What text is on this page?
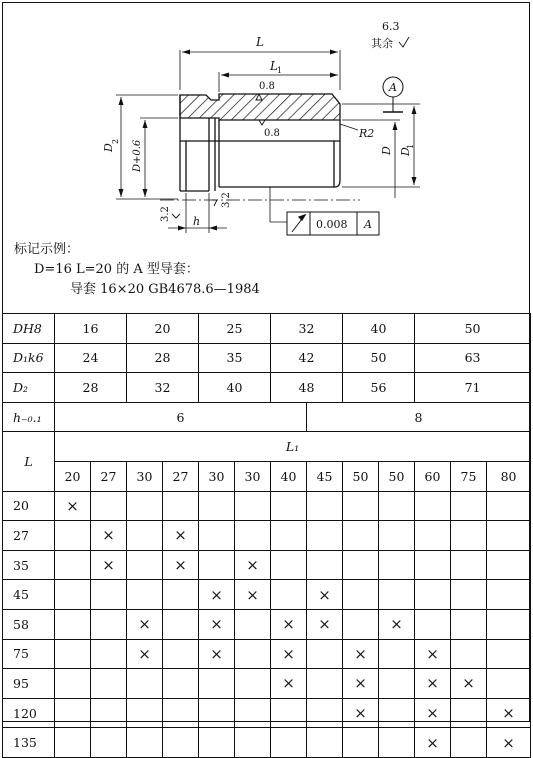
L
L 1
6.3
其余
0.8
0.8	R2
A
D
2 D+0.6	D D
1
3.2
3.2
h	0.008 A
标记示例：
D=16 L=20 的 A 型导套：
导套 16×20 GB4678.6—1984
DH8	16		20		25		32		40		50		
D₁k6	24		28		35		42		50		63		
D₂	28		32		40		48		56		71		
h₋₀.₁	6							8					
L	L₁												
	20	27	30	27	30	30	40	45	50	50	60	75	80
20	×												
27		×		×									
35		×		×		×							
45					×	×		×					
58			×		×		×	×		×			
75			×		×		×		×		×		
95							×		×		×	×	
120									×		×		×
135											×		×
